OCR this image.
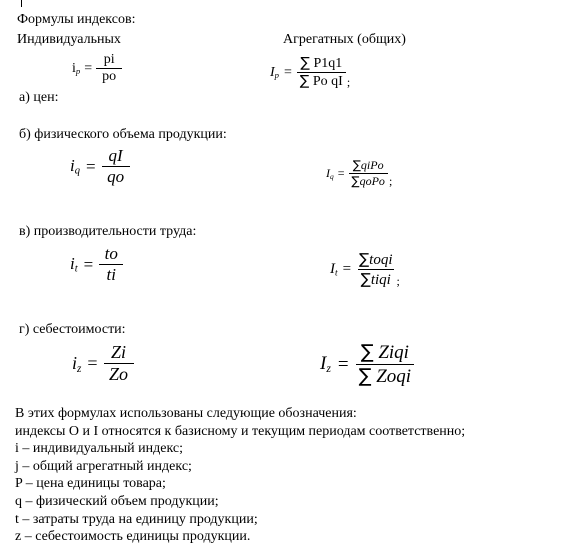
Формулы индексов:
Индивидуальных	Агрегатных (общих)
а) цен:
$i_p = \frac{pi}{po}$	$I_p = \frac{\sum P1q1}{\text{∑ Po qI}}$ ;
б) физического объема продукции:
$i_q = \frac{qI}{qo}$	$I_q = \frac{\text{∑qiPo}}{\text{∑qoPo}}$ ;
в) производительности труда:
$i_t = \frac{to}{ti}$	$I_t = \frac{\text{∑toqi}}{\text{∑tiqi}}$ ;
г) себестоимости:
$i_z = \frac{Zi}{Zo}$	$I_z = \frac{\text{∑ Ziqi}}{\text{∑ Zoqi}}$
В этих формулах использованы следующие обозначения:
индексы О и I относятся к базисному и текущим периодам соответственно;
i – индивидуальный индекс;
j – общий агрегатный индекс;
P – цена единицы товара;
q – физический объем продукции;
t – затраты труда на единицу продукции;
z – себестоимость единицы продукции.
